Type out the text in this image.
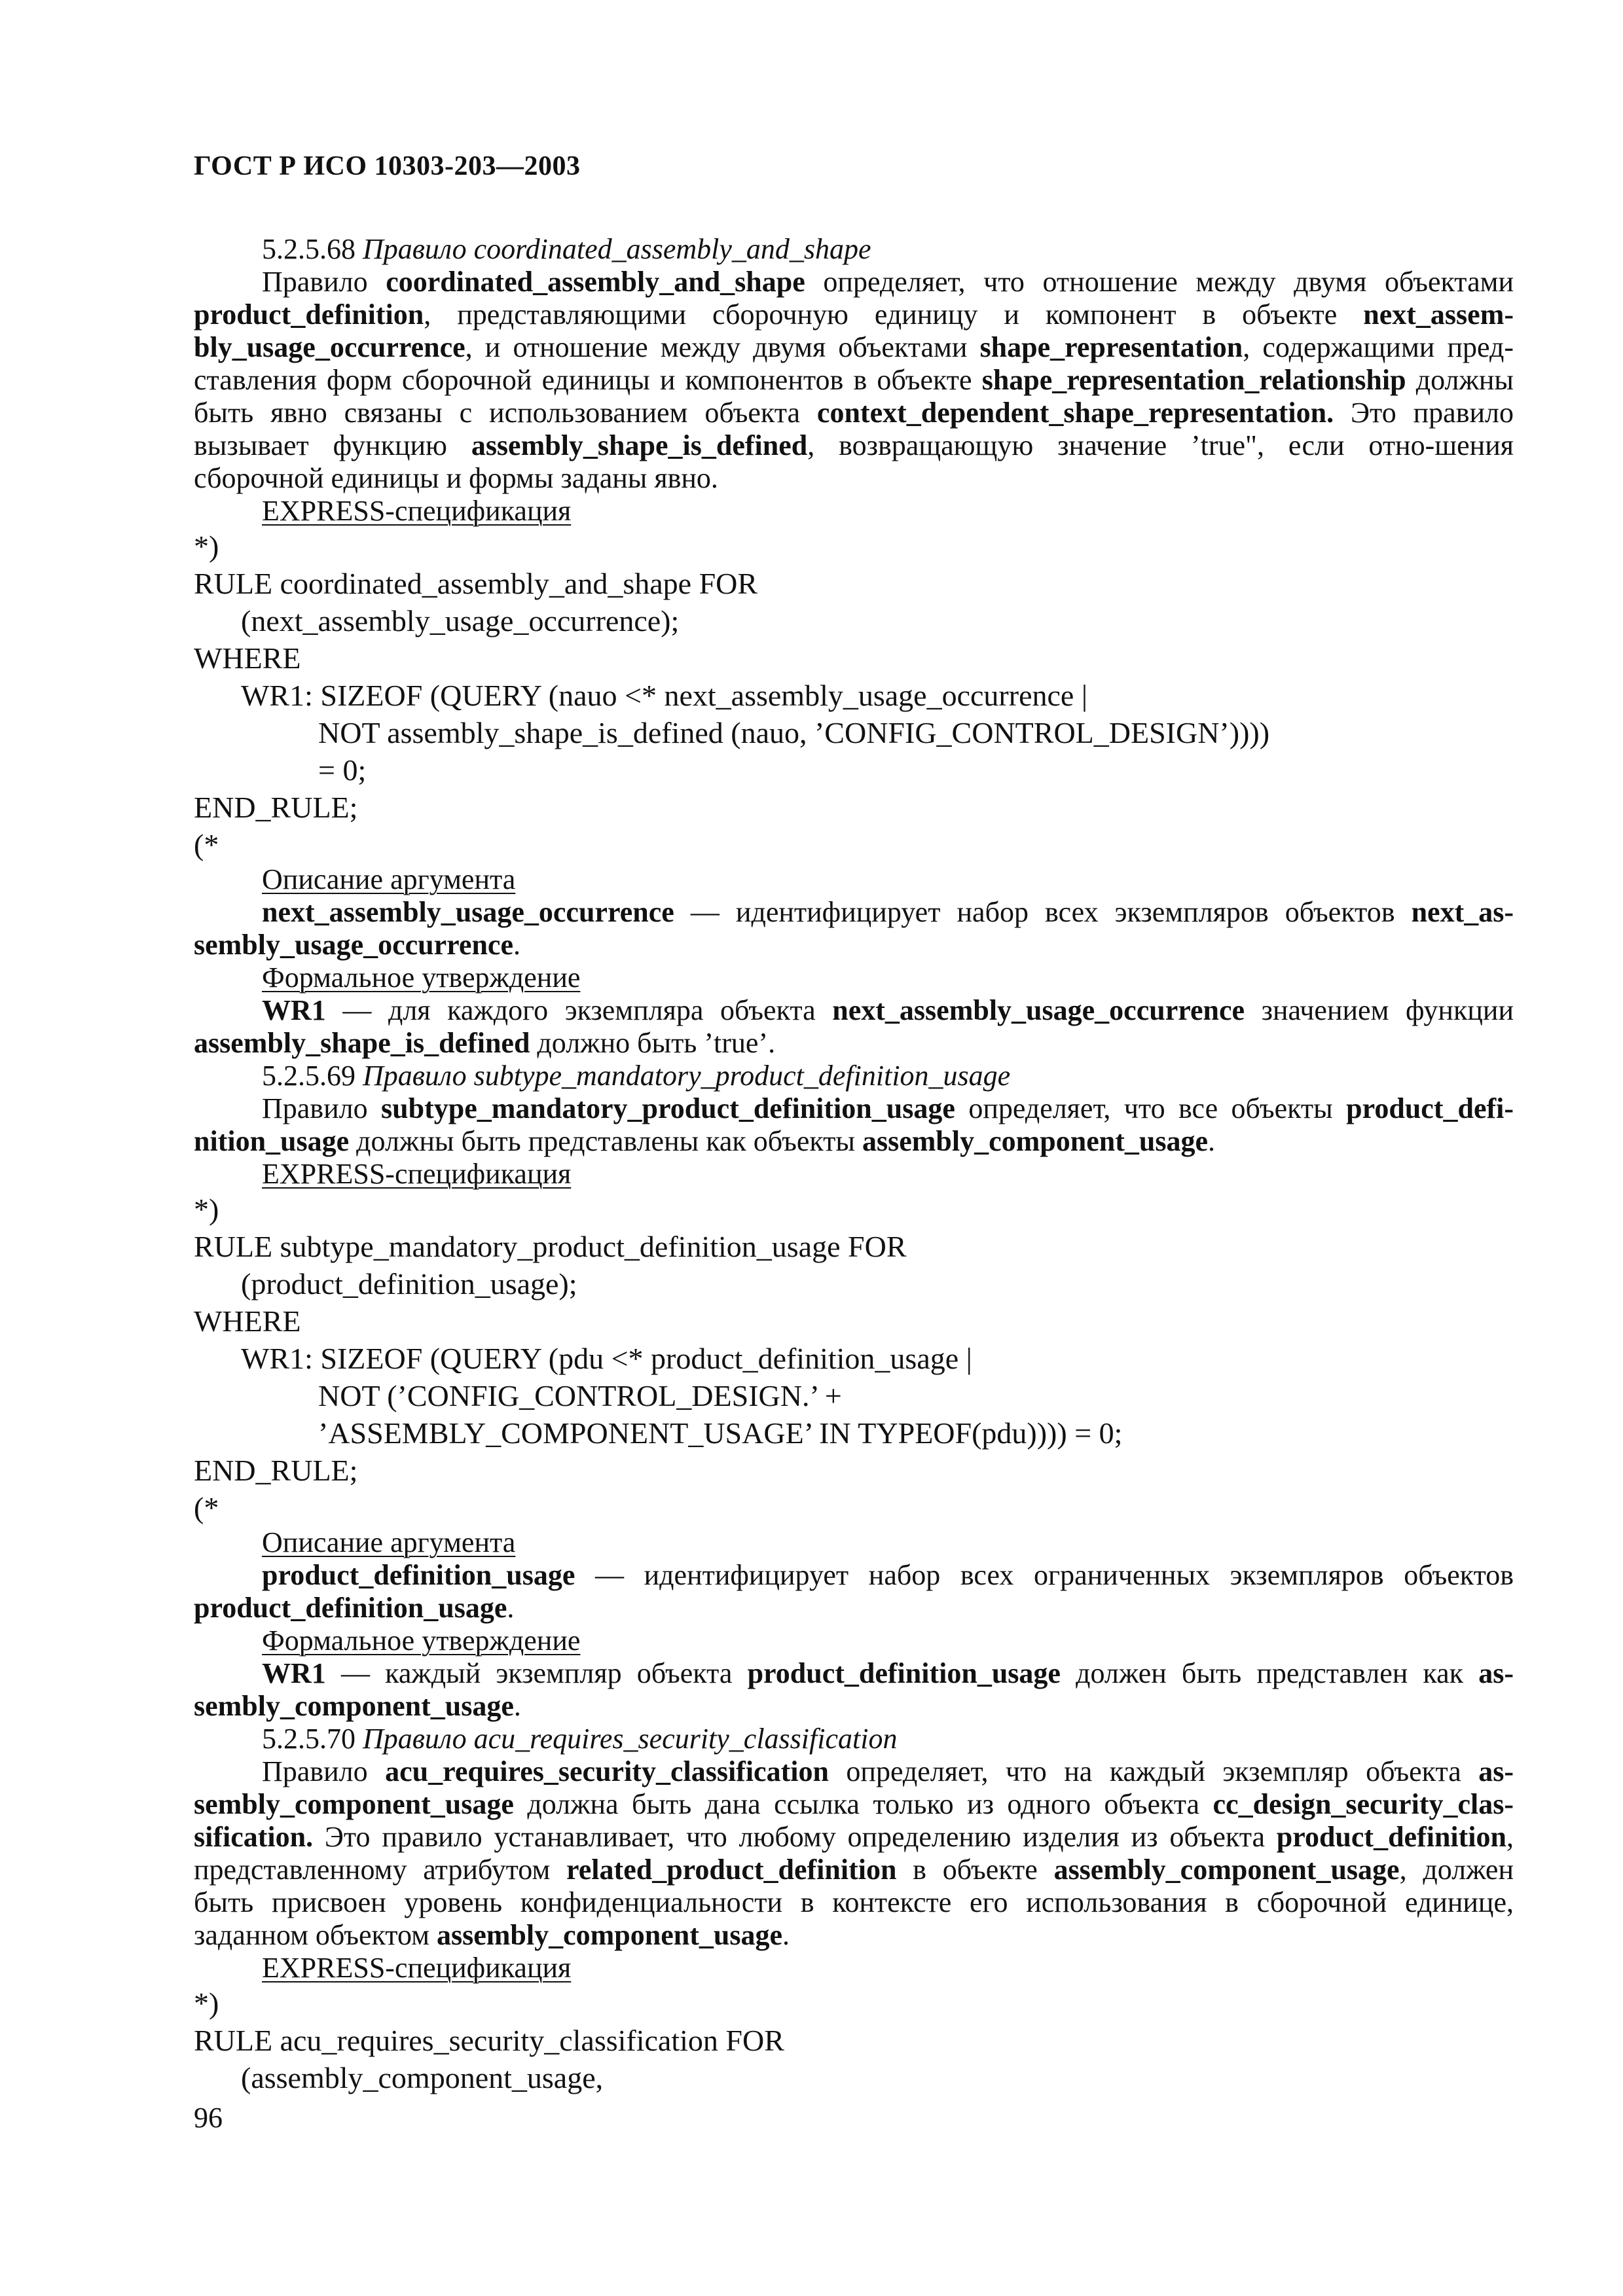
ГОСТ Р ИСО 10303-203—2003

5.2.5.68 Правило coordinated_assembly_and_shape

Правило coordinated_assembly_and_shape определяет, что отношение между двумя объектами product_definition, представляющими сборочную единицу и компонент в объекте next_assem-bly_usage_occurrence, и отношение между двумя объектами shape_representation, содержащими пред-ставления форм сборочной единицы и компонентов в объекте shape_representation_relationship должны быть явно связаны с использованием объекта context_dependent_shape_representation. Это правило вызывает функцию assembly_shape_is_defined, возвращающую значение ’true", если отно-шения сборочной единицы и формы заданы явно.

EXPRESS-спецификация

*)
RULE coordinated_assembly_and_shape FOR
(next_assembly_usage_occurrence);
WHERE
WR1: SIZEOF (QUERY (nauo <* next_assembly_usage_occurrence |
NOT assembly_shape_is_defined (nauo, ’CONFIG_CONTROL_DESIGN’))))
= 0;
END_RULE;
(*

Описание аргумента

next_assembly_usage_occurrence — идентифицирует набор всех экземпляров объектов next_as-sembly_usage_occurrence.

Формальное утверждение

WR1 — для каждого экземпляра объекта next_assembly_usage_occurrence значением функции assembly_shape_is_defined должно быть ’true’.

5.2.5.69 Правило subtype_mandatory_product_definition_usage

Правило subtype_mandatory_product_definition_usage определяет, что все объекты product_defi-nition_usage должны быть представлены как объекты assembly_component_usage.

EXPRESS-спецификация

*)
RULE subtype_mandatory_product_definition_usage FOR
(product_definition_usage);
WHERE
WR1: SIZEOF (QUERY (pdu <* product_definition_usage |
NOT (’CONFIG_CONTROL_DESIGN.’ +
’ASSEMBLY_COMPONENT_USAGE’ IN TYPEOF(pdu)))) = 0;
END_RULE;
(*

Описание аргумента

product_definition_usage — идентифицирует набор всех ограниченных экземпляров объектов product_definition_usage.

Формальное утверждение

WR1 — каждый экземпляр объекта product_definition_usage должен быть представлен как as-sembly_component_usage.

5.2.5.70 Правило acu_requires_security_classification

Правило acu_requires_security_classification определяет, что на каждый экземпляр объекта as-sembly_component_usage должна быть дана ссылка только из одного объекта cc_design_security_clas-sification. Это правило устанавливает, что любому определению изделия из объекта product_definition, представленному атрибутом related_product_definition в объекте assembly_component_usage, должен быть присвоен уровень конфиденциальности в контексте его использования в сборочной единице, заданном объектом assembly_component_usage.

EXPRESS-спецификация

*)
RULE acu_requires_security_classification FOR
(assembly_component_usage,
96
